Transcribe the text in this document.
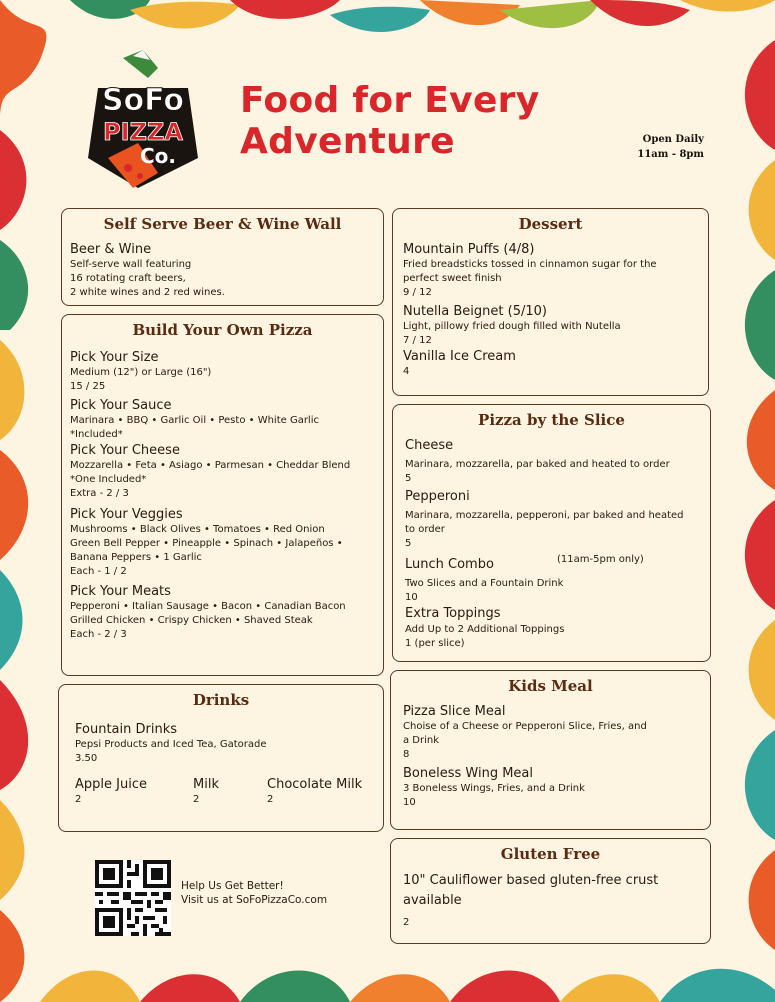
SoFo
PIZZA
Co.
Food for Every Adventure	Open Daily
11am - 8pm
Self Serve Beer & Wine Wall
Beer & Wine
Self-serve wall featuring
16 rotating craft beers,
2 white wines and 2 red wines.
Build Your Own Pizza
Pick Your Size
Medium (12") or Large (16")
15 / 25
Pick Your Sauce
Marinara • BBQ • Garlic Oil • Pesto • White Garlic
*Included*
Pick Your Cheese
Mozzarella • Feta • Asiago • Parmesan • Cheddar Blend
*One Included*
Extra - 2 / 3
Pick Your Veggies
Mushrooms • Black Olives • Tomatoes • Red Onion
Green Bell Pepper • Pineapple • Spinach • Jalapeños •
Banana Peppers • 1 Garlic
Each - 1 / 2
Pick Your Meats
Pepperoni • Italian Sausage • Bacon • Canadian Bacon
Grilled Chicken • Crispy Chicken • Shaved Steak
Each - 2 / 3
Drinks
Fountain Drinks
Pepsi Products and Iced Tea, Gatorade
3.50
Apple Juice
2
Milk
2
Chocolate Milk
2
Dessert
Mountain Puffs (4/8)
Fried breadsticks tossed in cinnamon sugar for the
perfect sweet finish
9 / 12
Nutella Beignet (5/10)
Light, pillowy fried dough filled with Nutella
7 / 12
Vanilla Ice Cream
4
Pizza by the Slice
Cheese
Marinara, mozzarella, par baked and heated to order
5
Pepperoni
Marinara, mozzarella, pepperoni, par baked and heated
to order
5
Lunch Combo	(11am-5pm only)
Two Slices and a Fountain Drink
10
Extra Toppings
Add Up to 2 Additional Toppings
1 (per slice)
Kids Meal
Pizza Slice Meal
Choise of a Cheese or Pepperoni Slice, Fries, and
a Drink
8
Boneless Wing Meal
3 Boneless Wings, Fries, and a Drink
10
Gluten Free
10" Cauliflower based gluten-free crust
available
2
Help Us Get Better!
Visit us at SoFoPizzaCo.com
